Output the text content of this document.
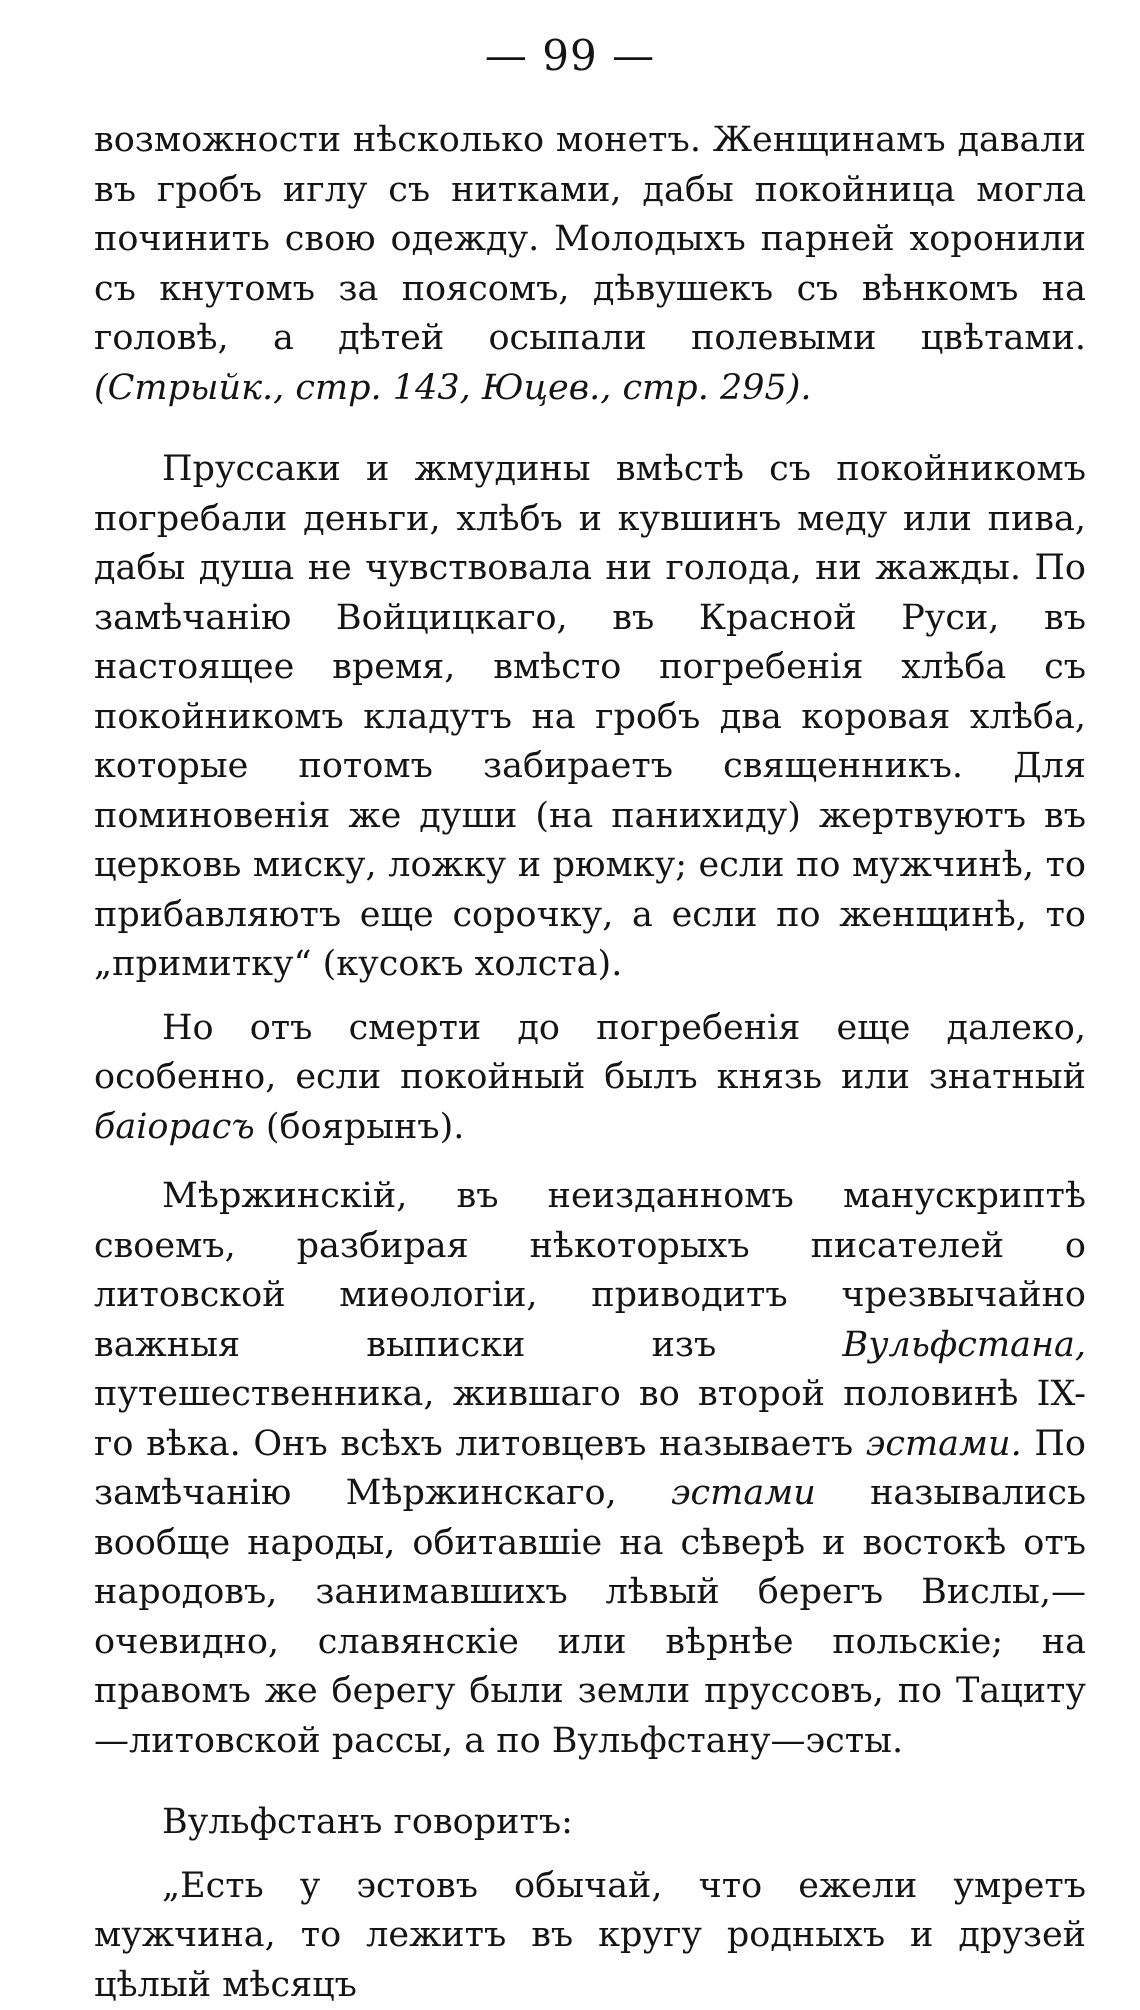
— 99 —

возможности нѣсколько монетъ. Женщинамъ давали въ гробъ иглу съ нитками, дабы покойница могла починить свою одежду. Молодыхъ парней хоронили съ кнутомъ за поясомъ, дѣвушекъ съ вѣнкомъ на головѣ, а дѣтей осыпали полевыми цвѣтами. (Стрыйк., стр. 143, Юцев., стр. 295).

Пруссаки и жмудины вмѣстѣ съ покойникомъ погребали деньги, хлѣбъ и кувшинъ меду или пива, дабы душа не чувствовала ни голода, ни жажды. По замѣчанію Войцицкаго, въ Красной Руси, въ настоящее время, вмѣсто погребенія хлѣба съ покойникомъ кладутъ на гробъ два коровая хлѣба, которые потомъ забираетъ священникъ. Для поминовенія же души (на панихиду) жертвуютъ въ церковь миску, ложку и рюмку; если по мужчинѣ, то прибавляютъ еще сорочку, а если по женщинѣ, то „примитку“ (кусокъ холста).

Но отъ смерти до погребенія еще далеко, особенно, если покойный былъ князь или знатный баіорасъ (боярынъ).

Мѣржинскій, въ неизданномъ манускриптѣ своемъ, разбирая нѣкоторыхъ писателей о литовской миѳологіи, приводитъ чрезвычайно важныя выписки изъ Вульфстана, путешественника, жившаго во второй половинѣ IX-го вѣка. Онъ всѣхъ литовцевъ называетъ эстами. По замѣчанію Мѣржинскаго, эстами назывались вообще народы, обитавшіе на сѣверѣ и востокѣ отъ народовъ, занимавшихъ лѣвый берегъ Вислы,—очевидно, славянскіе или вѣрнѣе польскіе; на правомъ же берегу были земли пруссовъ, по Тациту—литовской рассы, а по Вульфстану—эсты.

Вульфстанъ говоритъ:

„Есть у эстовъ обычай, что ежели умретъ мужчина, то лежитъ въ кругу родныхъ и друзей цѣлый мѣсяцъ
